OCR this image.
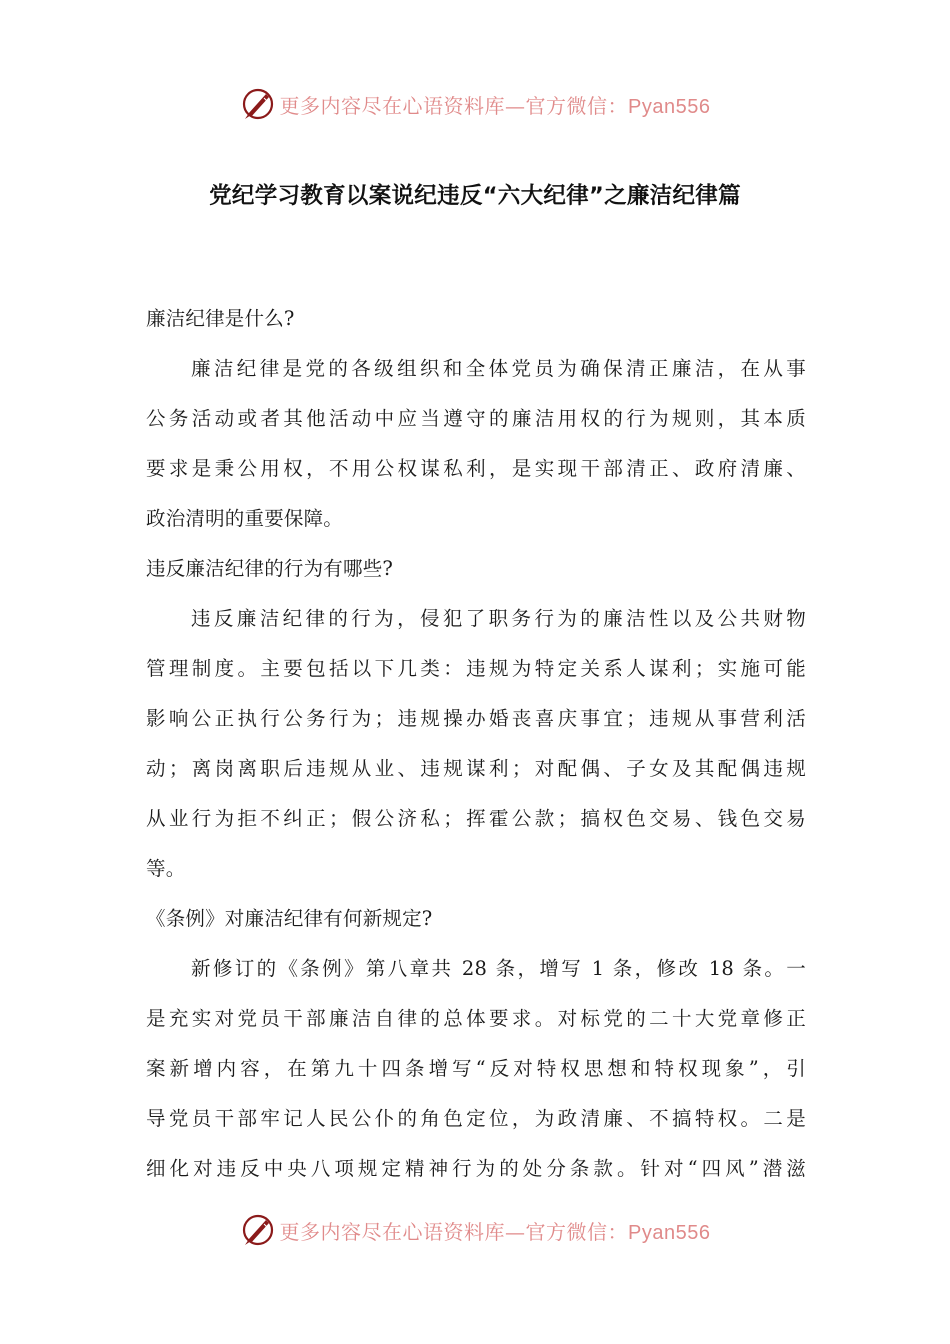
更多内容尽在心语资料库—官方微信：Pyan556
党纪学习教育以案说纪违反“六大纪律”之廉洁纪律篇
廉洁纪律是什么?
廉洁纪律是党的各级组织和全体党员为确保清正廉洁，在从事
公务活动或者其他活动中应当遵守的廉洁用权的行为规则，其本质
要求是秉公用权，不用公权谋私利，是实现干部清正、政府清廉、
政治清明的重要保障。
违反廉洁纪律的行为有哪些?
违反廉洁纪律的行为，侵犯了职务行为的廉洁性以及公共财物
管理制度。主要包括以下几类：违规为特定关系人谋利；实施可能
影响公正执行公务行为；违规操办婚丧喜庆事宜；违规从事营利活
动；离岗离职后违规从业、违规谋利；对配偶、子女及其配偶违规
从业行为拒不纠正；假公济私；挥霍公款；搞权色交易、钱色交易
等。
《条例》对廉洁纪律有何新规定?
新修订的《条例》第八章共 28 条，增写 1 条，修改 18 条。一
是充实对党员干部廉洁自律的总体要求。对标党的二十大党章修正
案新增内容，在第九十四条增写“反对特权思想和特权现象”，引
导党员干部牢记人民公仆的角色定位，为政清廉、不搞特权。二是
细化对违反中央八项规定精神行为的处分条款。针对“四风”潜滋
更多内容尽在心语资料库—官方微信：Pyan556
